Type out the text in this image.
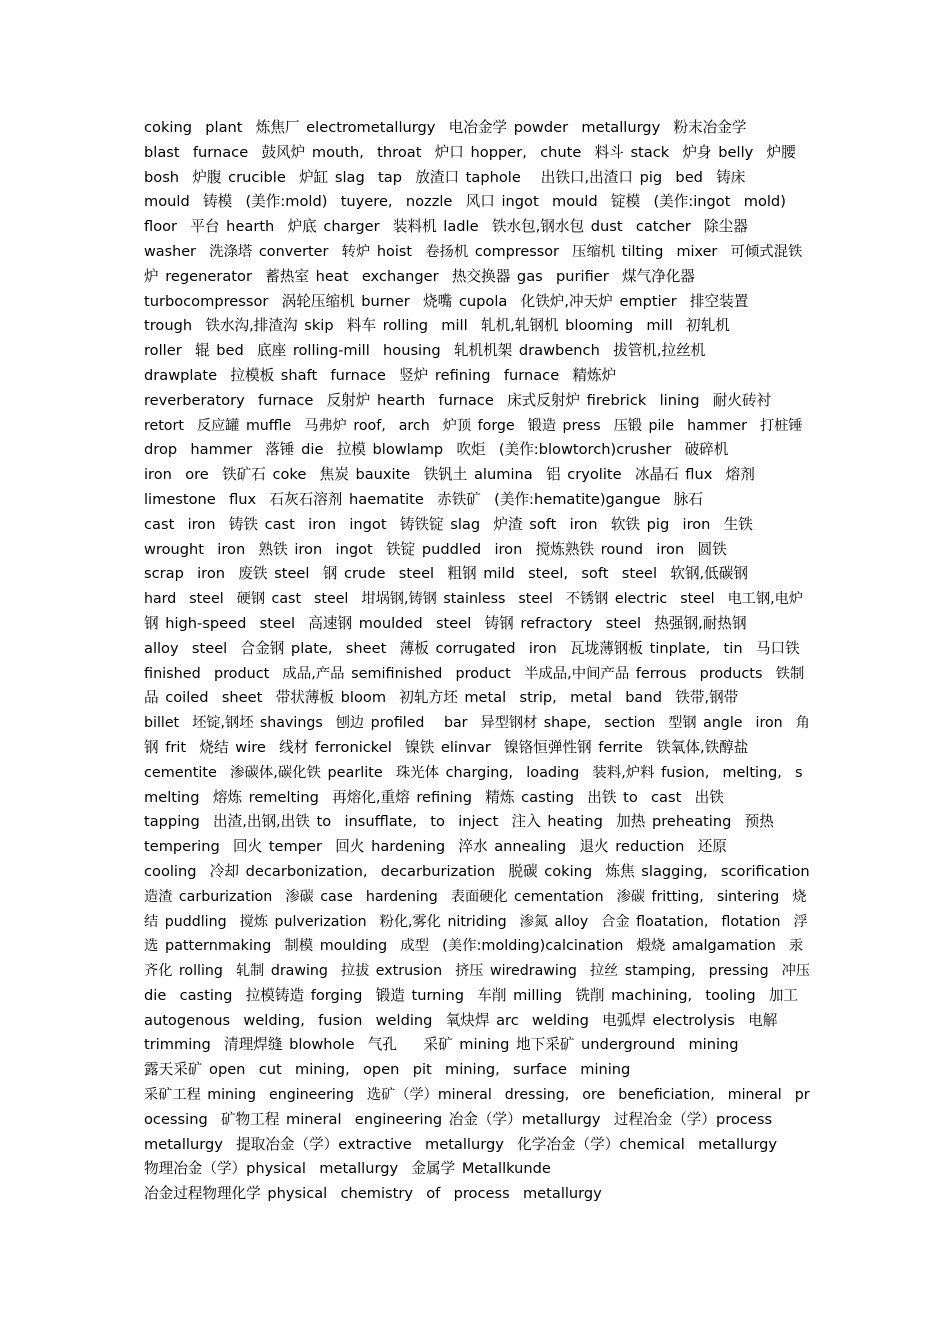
coking  plant  炼焦厂 electrometallurgy  电冶金学 powder  metallurgy  粉末冶金学
blast  furnace  鼓风炉 mouth,  throat  炉口 hopper,  chute  料斗 stack  炉身 belly  炉腰
bosh  炉腹 crucible  炉缸 slag  tap  放渣口 taphole   出铁口,出渣口 pig  bed  铸床
mould  铸模  (美作:mold)  tuyere,  nozzle  风口 ingot  mould  锭模  (美作:ingot  mold)
floor  平台 hearth  炉底 charger  装料机 ladle  铁水包,钢水包 dust  catcher  除尘器
washer  洗涤塔 converter  转炉 hoist  卷扬机 compressor  压缩机 tilting  mixer  可倾式混铁
炉 regenerator  蓄热室 heat  exchanger  热交换器 gas  purifier  煤气净化器
turbocompressor  涡轮压缩机 burner  烧嘴 cupola  化铁炉,冲天炉 emptier  排空装置
trough  铁水沟,排渣沟 skip  料车 rolling  mill  轧机,轧钢机 blooming  mill  初轧机
roller  辊 bed  底座 rolling-mill  housing  轧机机架 drawbench  拔管机,拉丝机
drawplate  拉模板 shaft  furnace  竖炉 refining  furnace  精炼炉
reverberatory  furnace  反射炉 hearth  furnace  床式反射炉 firebrick  lining  耐火砖衬
retort  反应罐 muffle  马弗炉 roof,  arch  炉顶 forge  锻造 press  压锻 pile  hammer  打桩锤
drop  hammer  落锤 die  拉模 blowlamp  吹炬  (美作:blowtorch)crusher  破碎机
iron  ore  铁矿石 coke  焦炭 bauxite  铁钒土 alumina  铝 cryolite  冰晶石 flux  熔剂
limestone  flux  石灰石溶剂 haematite  赤铁矿  (美作:hematite)gangue  脉石
cast  iron  铸铁 cast  iron  ingot  铸铁锭 slag  炉渣 soft  iron  软铁 pig  iron  生铁
wrought  iron  熟铁 iron  ingot  铁锭 puddled  iron  搅炼熟铁 round  iron  圆铁
scrap  iron  废铁 steel  钢 crude  steel  粗钢 mild  steel,  soft  steel  软钢,低碳钢
hard  steel  硬钢 cast  steel  坩埚钢,铸钢 stainless  steel  不锈钢 electric  steel  电工钢,电炉
钢 high-speed  steel  高速钢 moulded  steel  铸钢 refractory  steel  热强钢,耐热钢
alloy  steel  合金钢 plate,  sheet  薄板 corrugated  iron  瓦垅薄钢板 tinplate,  tin  马口铁
finished  product  成品,产品 semifinished  product  半成品,中间产品 ferrous  products  铁制
品 coiled  sheet  带状薄板 bloom  初轧方坯 metal  strip,  metal  band  铁带,钢带
billet  坯锭,钢坯 shavings  刨边 profiled   bar  异型钢材 shape,  section  型钢 angle  iron  角
钢 frit  烧结 wire  线材 ferronickel  镍铁 elinvar  镍铬恒弹性钢 ferrite  铁氧体,铁醇盐
cementite  渗碳体,碳化铁 pearlite  珠光体 charging,  loading  装料,炉料 fusion,  melting,  s
melting  熔炼 remelting  再熔化,重熔 refining  精炼 casting  出铁 to  cast  出铁
tapping  出渣,出钢,出铁 to  insufflate,  to  inject  注入 heating  加热 preheating  预热
tempering  回火 temper  回火 hardening  淬水 annealing  退火 reduction  还原
cooling  冷却 decarbonization,  decarburization  脱碳 coking  炼焦 slagging,  scorification
造渣 carburization  渗碳 case  hardening  表面硬化 cementation  渗碳 fritting,  sintering  烧
结 puddling  搅炼 pulverization  粉化,雾化 nitriding  渗氮 alloy  合金 floatation,  flotation  浮
选 patternmaking  制模 moulding  成型  (美作:molding)calcination  煅烧 amalgamation  汞
齐化 rolling  轧制 drawing  拉拔 extrusion  挤压 wiredrawing  拉丝 stamping,  pressing  冲压
die  casting  拉模铸造 forging  锻造 turning  车削 milling  铣削 machining,  tooling  加工
autogenous  welding,  fusion  welding  氧炔焊 arc  welding  电弧焊 electrolysis  电解
trimming  清理焊缝 blowhole  气孔    采矿 mining 地下采矿 underground  mining
露天采矿 open  cut  mining,  open  pit  mining,  surface  mining
采矿工程 mining  engineering  选矿（学）mineral  dressing,  ore  beneficiation,  mineral  pr
ocessing  矿物工程 mineral  engineering 冶金（学）metallurgy  过程冶金（学）process
metallurgy  提取冶金（学）extractive  metallurgy  化学冶金（学）chemical  metallurgy
物理冶金（学）physical  metallurgy  金属学 Metallkunde
冶金过程物理化学 physical  chemistry  of  process  metallurgy
